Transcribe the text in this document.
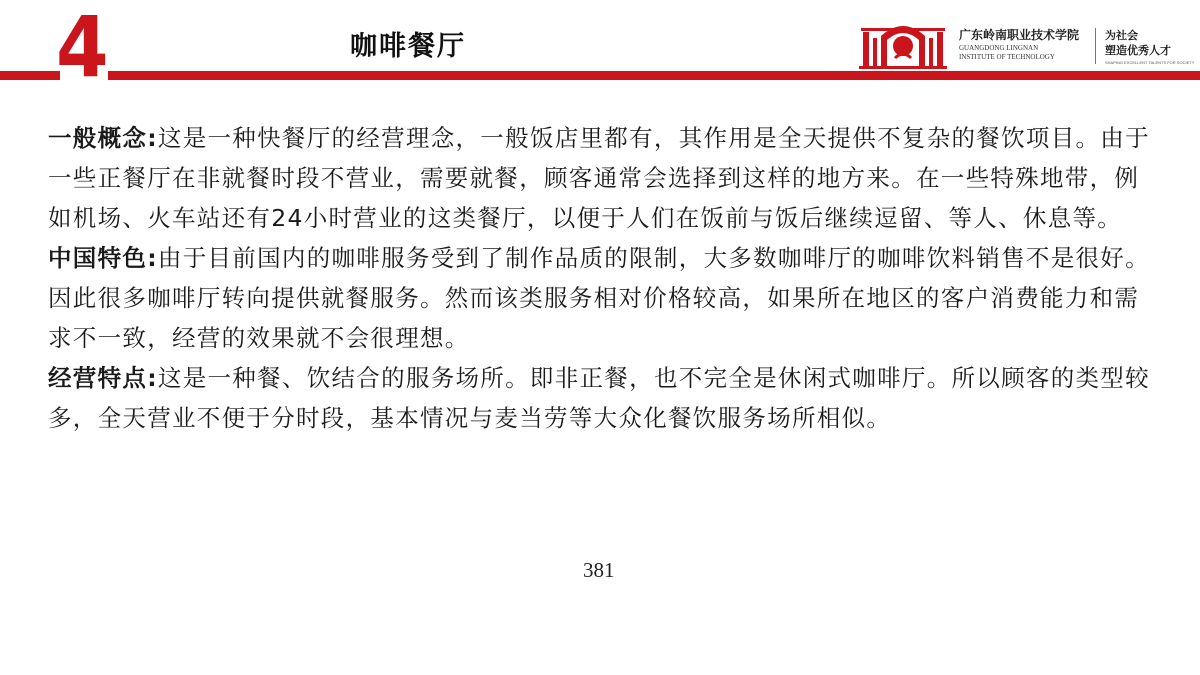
4	咖啡餐厅	广东岭南职业技术学院
GUANGDONG LINGNAN
INSTITUTE OF TECHNOLOGY
为社会
塑造优秀人才
SHAPING EXCELLENT TALENTS FOR SOCIETY

一般概念:这是一种快餐厅的经营理念，一般饭店里都有，其作用是全天提供不复杂的餐饮项目。由于一些正餐厅在非就餐时段不营业，需要就餐，顾客通常会选择到这样的地方来。在一些特殊地带，例如机场、火车站还有24小时营业的这类餐厅，以便于人们在饭前与饭后继续逗留、等人、休息等。

中国特色:由于目前国内的咖啡服务受到了制作品质的限制，大多数咖啡厅的咖啡饮料销售不是很好。因此很多咖啡厅转向提供就餐服务。然而该类服务相对价格较高，如果所在地区的客户消费能力和需求不一致，经营的效果就不会很理想。

经营特点:这是一种餐、饮结合的服务场所。即非正餐，也不完全是休闲式咖啡厅。所以顾客的类型较多，全天营业不便于分时段，基本情况与麦当劳等大众化餐饮服务场所相似。

381
